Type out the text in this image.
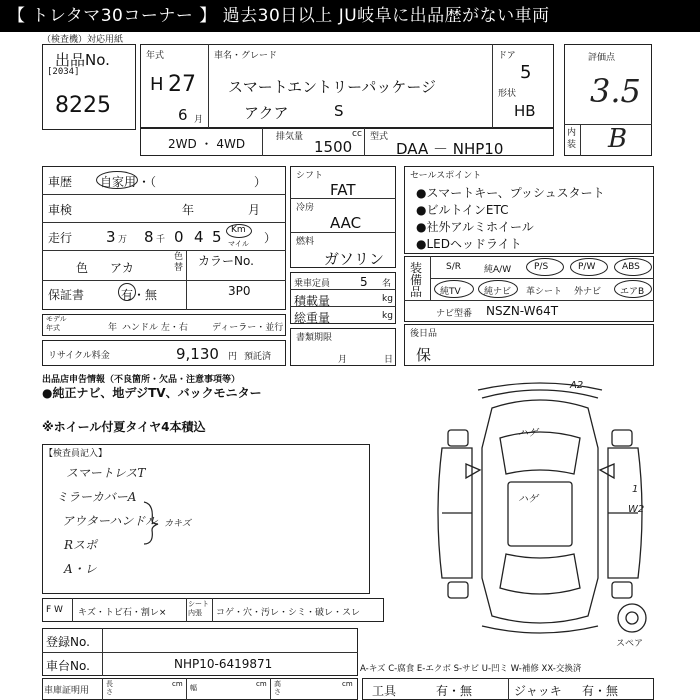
【 トレタマ30コーナー 】 過去30日以上 JU岐阜に出品歴がない車両
（検査機）対応用紙
出品No.
[2034]
8225
年式
H 27
6 月
車名・グレード
スマートエントリーパッケージ
アクア	S
ドア
5
形状
HB
評価点
3.5
内装 B
2WD ・ 4WD	排気量	cc
1500
型式
DAA － NHP10
車歴 自家用 ・（	）
車検	年	月
走行 3 万 8 千 0 4 5 Km
マイル ）
色 アカ
色替 カラーNo.
3P0
保証書	有・無
モデル年式	年 ハンドル 左・右	ディーラー・並行
シフト
FAT
冷房
AAC
燃料
ガソリン
乗車定員 5 名
積載量	kg
総重量	kg
書類期限
月	日
リサイクル料金	9,130 円 預託済
セールスポイント
●スマートキー、プッシュスタート
●ビルトインETC
●社外アルミホイール
●LEDヘッドライト
装備品
S/R	純A/W	P/S	P/W	ABS
純TV	純ナビ 革シート 外ナビ エアB
ナビ型番 NSZN-W64T
後日品
保
出品店申告情報（不良箇所・欠品・注意事項等）
●純正ナビ、地デジTV、バックモニター
※ホイール付夏タイヤ4本積込
【検査員記入】
スマートレスT
ミラーカバーA
アウターハンドル
Rスポ
A・レ
カキズ
A2
ハゲ
ハゲ
W2
1
スペア
F W キズ・トビ石・割レ×
シート内張	コゲ・穴・汚レ・シミ・破レ・スレ
登録No.
車台No.	NHP10-6419871	A-キズ C-腐食 E-エクボ S-サビ U-凹ミ W-補修 XX-交換済
車庫証明用
長さ
cm 幅	cm 高さ
cm 工具	有・無	ジャッキ 有・無
